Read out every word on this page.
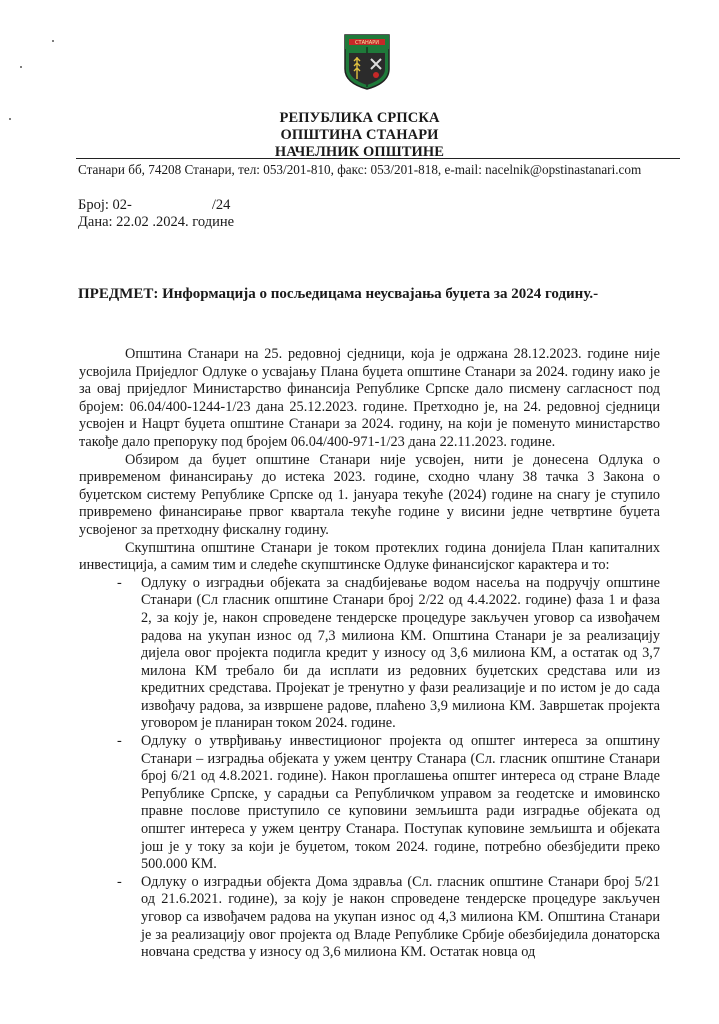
СТАНАРИ
РЕПУБЛИКА СРПСКА
ОПШТИНА СТАНАРИ
НАЧЕЛНИК ОПШТИНЕ
Станари бб, 74208 Станари, тел: 053/201-810, факс: 053/201-818, e-mail: nacelnik@opstinastanari.com
Број: 02-	/24
Дана: 22.02 .2024. године
ПРЕДМЕТ: Информација о посљедицама неусвајања буџета за 2024 годину.-

Општина Станари на 25. редовној сједници, која је одржана 28.12.2023. године није усвојила Приједлог Одлуке о усвајању Плана буџета општине Станари за 2024. годину иако је за овај приједлог Министарство финансија Републике Српске дало писмену сагласност под бројем: 06.04/400-1244-1/23 дана 25.12.2023. године. Претходно је, на 24. редовној сједници усвојен и Нацрт буџета општине Станари за 2024. годину, на који је поменуто министарство такође дало препоруку под бројем 06.04/400-971-1/23 дана 22.11.2023. године.

Обзиром да буџет општине Станари није усвојен, нити је донесена Одлука о привременом финансирању до истека 2023. године, сходно члану 38 тачка 3 Закона о буџетском систему Републике Српске од 1. јануара текуће (2024) године на снагу је ступило привремено финансирање првог квартала текуће године у висини једне четвртине буџета усвојеног за претходну фискалну годину.

Скупштина општине Станари је током протеклих година донијела План капиталних инвестиција, а самим тим и следеће скупштинске Одлуке финансијског карактера и то:

- Одлуку о изградњи објеката за снадбијевање водом насеља на подручју општине Станари (Сл гласник општине Станари број 2/22 од 4.4.2022. године) фаза 1 и фаза 2, за коју је, након спроведене тендерске процедуре закључен уговор са извођачем радова на укупан износ од 7,3 милиона КМ. Општина Станари је за реализацију дијела овог пројекта подигла кредит у износу од 3,6 милиона КМ, а остатак од 3,7 милона КМ требало би да исплати из редовних буџетских средстава или из кредитних средстава. Пројекат је тренутно у фази реализације и по истом је до сада извођачу радова, за извршене радове, плаћено 3,9 милиона КМ. Завршетак пројекта уговором је планиран током 2024. године.
- Одлуку о утврђивању инвестиционог пројекта од општег интереса за општину Станари – изградња објеката у ужем центру Станара (Сл. гласник општине Станари број 6/21 од 4.8.2021. године). Након проглашења општег интереса од стране Владе Републике Српске, у сарадњи са Републичком управом за геодетске и имовинско правне послове приступило се куповини земљишта ради изградње објеката од општег интереса у ужем центру Станара. Поступак куповине земљишта и објеката још је у току за који је буџетом, током 2024. године, потребно обезбједити преко 500.000 КМ.
- Одлуку о изградњи објекта Дома здравља (Сл. гласник општине Станари број 5/21 од 21.6.2021. године), за коју је након спроведене тендерске процедуре закључен уговор са извођачем радова на укупан износ од 4,3 милиона КМ. Општина Станари је за реализацију овог пројекта од Владе Републике Србије обезбиједила донаторска новчана средства у износу од 3,6 милиона КМ. Остатак новца од
